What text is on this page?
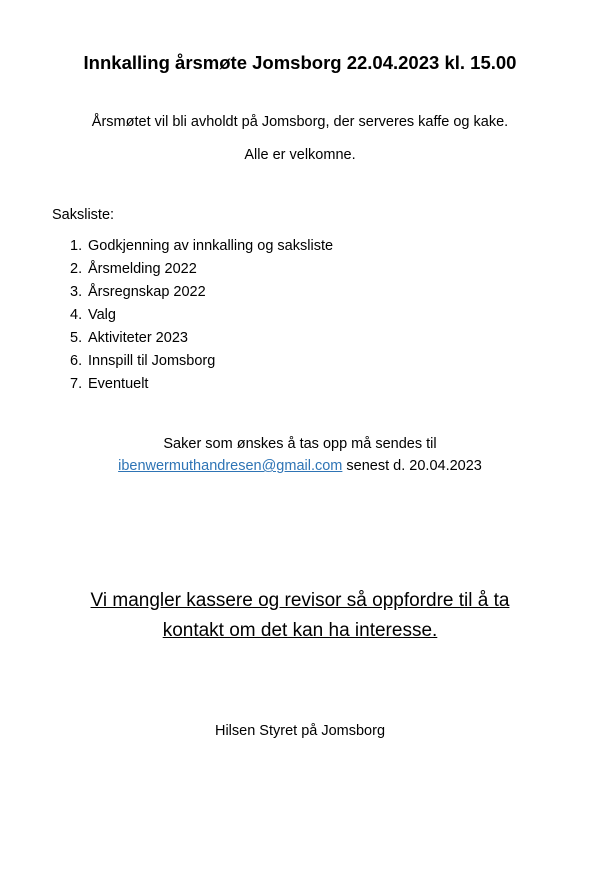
Innkalling årsmøte Jomsborg 22.04.2023 kl. 15.00
Årsmøtet vil bli avholdt på Jomsborg, der serveres kaffe og kake.
Alle er velkomne.
Saksliste:
1. Godkjenning av innkalling og saksliste
2. Årsmelding 2022
3. Årsregnskap 2022
4. Valg
5. Aktiviteter 2023
6. Innspill til Jomsborg
7. Eventuelt
Saker som ønskes å tas opp må sendes til
ibenwermuthandresen@gmail.com senest d. 20.04.2023
Vi mangler kassere og revisor så oppfordre til å ta
kontakt om det kan ha interesse.
Hilsen Styret på Jomsborg
